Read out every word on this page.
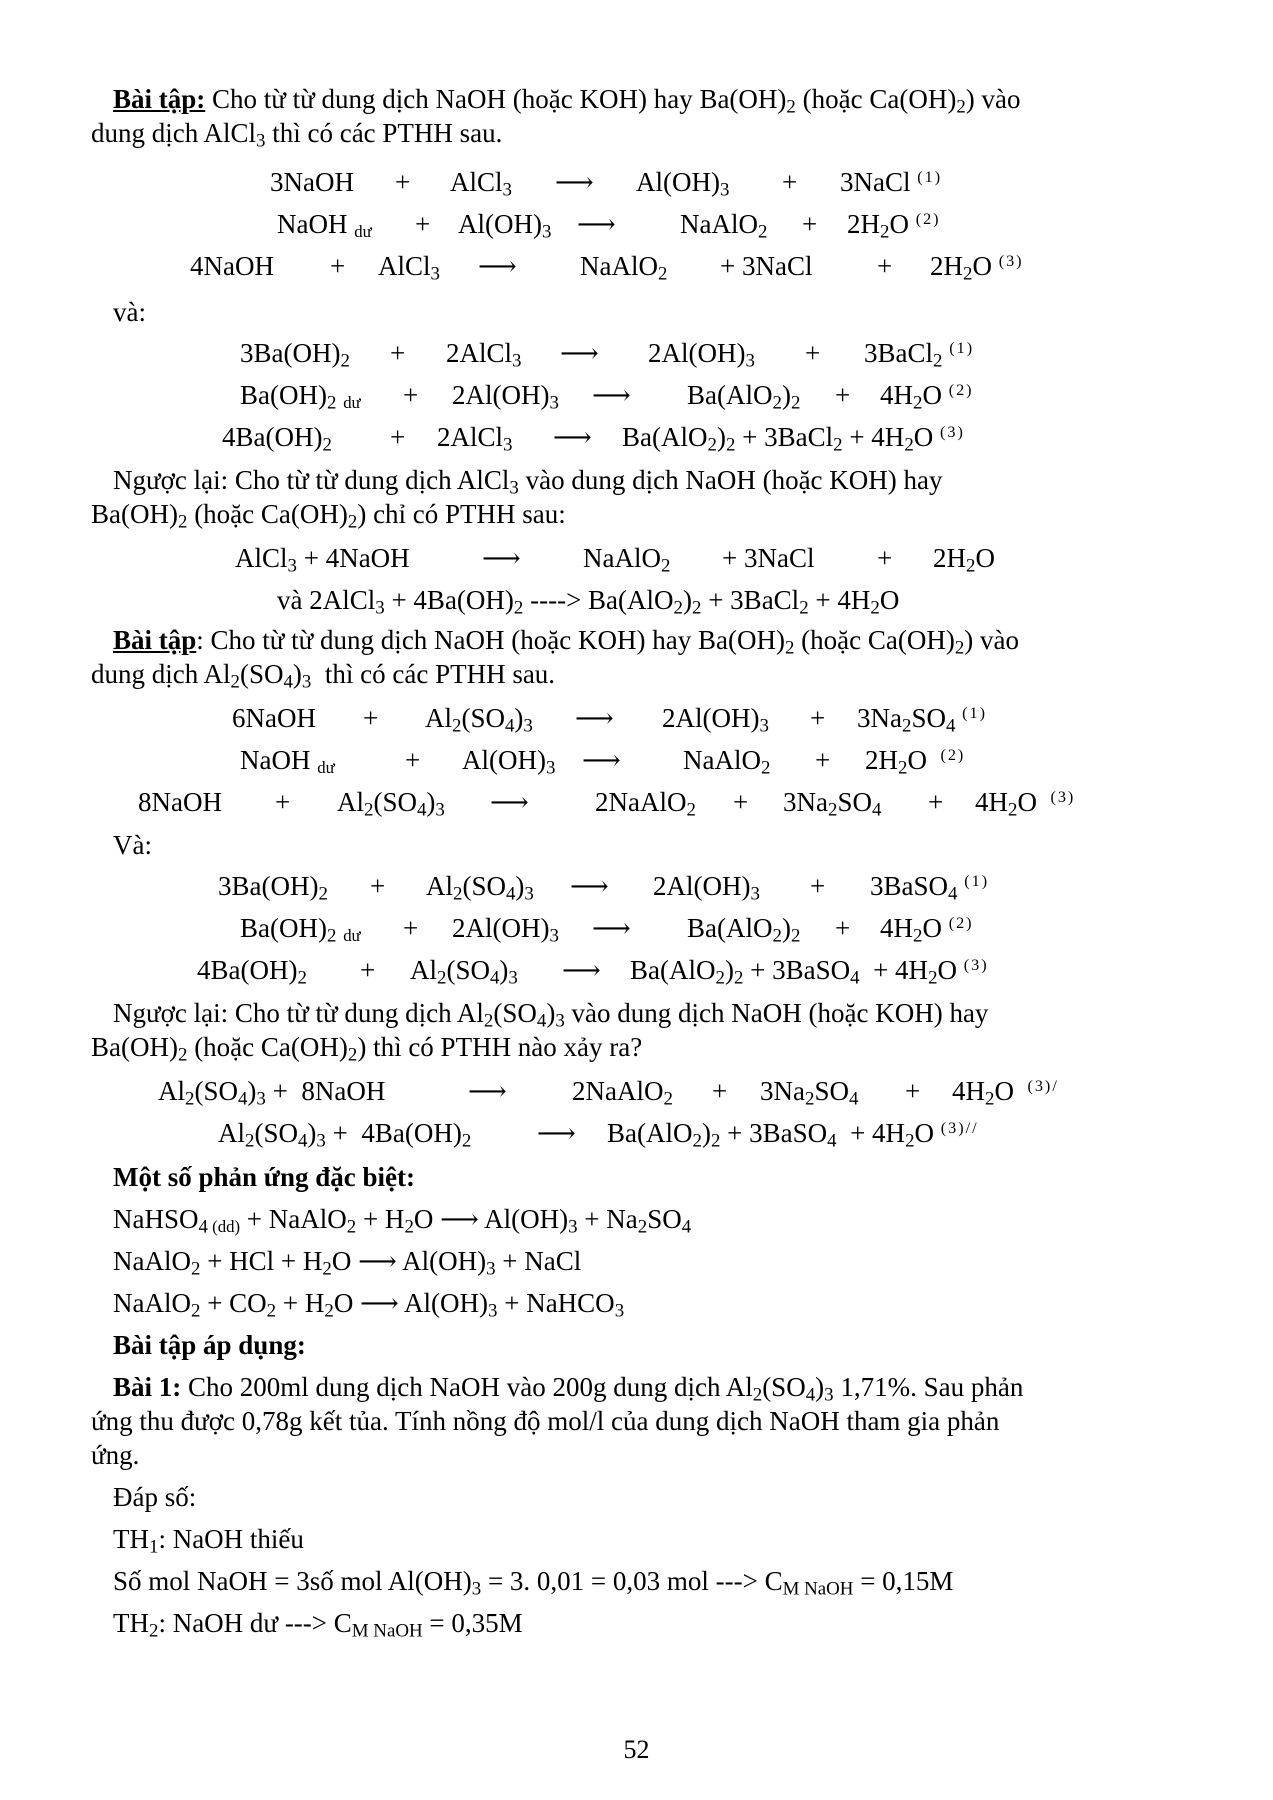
Bài tập: Cho từ từ dung dịch NaOH (hoặc KOH) hay $Ba(OH)_2$ (hoặc $Ca(OH)_2$) vào
dung dịch AlCl$_3$ thì có các PTHH sau.
3NaOH + AlCl$_3$ ⟶ $Al(OH)_3$ + 3NaCl $^{(1)}$
NaOH dư + $Al(OH)_3$ ⟶ NaAlO$_2$ + $2H_2O$ $^{(2)}$
4NaOH + AlCl$_3$ ⟶ NaAlO$_2$ + 3NaCl + $2H_2O$ $^{(3)}$
và:
$3Ba(OH)_2$ + 2AlCl$_3$ ⟶ $2Al(OH)_3$ + 3BaCl$_2$ $^{(1)}$
$Ba(OH)_2$ dư + $2Al(OH)_3$ ⟶ $Ba(AlO_2)_2 + 4H_2O$ $^{(2)}$
$4Ba(OH)_2$ + 2AlCl$_3$ ⟶ $Ba(AlO_2)_2$ + 3BaCl$_2$ + $4H_2O$ $^{(3)}$
Ngược lại: Cho từ từ dung dịch AlCl$_3$ vào dung dịch NaOH (hoặc KOH) hay
$Ba(OH)_2$ (hoặc $Ca(OH)_2$) chỉ có PTHH sau:
AlCl$_3$ + 4NaOH	⟶ NaAlO$_2$ + 3NaCl + $2H_2O$
và 2AlCl$_3$ + $4Ba(OH)_2$ ----> $Ba(AlO_2)_2$ + 3BaCl$_2$ + $4H_2O$
Bài tập: Cho từ từ dung dịch NaOH (hoặc KOH) hay $Ba(OH)_2$ (hoặc $Ca(OH)_2$) vào
dung dịch $Al_2(SO_4)_3$  thì có các PTHH sau.
6NaOH + $Al_2(SO_4)_3$ ⟶ $2Al(OH)_3 + 3Na_2SO_4$ $^{(1)}$
NaOH dư	+ $Al(OH)_3$ ⟶ NaAlO$_2$ + $2H_2O$  $^{(2)}$
8NaOH + $Al_2(SO_4)_3$ ⟶ 2NaAlO$_2$ + $3Na_2SO_4 + 4H_2O$  $^{(3)}$
Và:
$3Ba(OH)_2 + Al_2(SO_4)_3$ ⟶ $2Al(OH)_3$ + 3BaSO$_4$ $^{(1)}$
$Ba(OH)_2$ dư + $2Al(OH)_3$ ⟶ $Ba(AlO_2)_2 + 4H_2O$ $^{(2)}$
$4Ba(OH)_2 + Al_2(SO_4)_3$ ⟶ $Ba(AlO_2)_2$ + 3BaSO$_4$  + $4H_2O$ $^{(3)}$
Ngược lại: Cho từ từ dung dịch $Al_2(SO_4)_3$ vào dung dịch NaOH (hoặc KOH) hay
$Ba(OH)_2$ (hoặc $Ca(OH)_2$) thì có PTHH nào xảy ra?
$Al_2(SO_4)_3$ +  8NaOH	⟶ 2NaAlO$_2$ + $3Na_2SO_4 + 4H_2O$  $^{(3)/}$
$Al_2(SO_4)_3 + 4Ba(OH)_2$ ⟶ $Ba(AlO_2)_2$ + 3BaSO$_4$  + $4H_2O$ $^{(3)//}$
Một số phản ứng đặc biệt:
NaHSO$_4$ (dd) + NaAlO$_2$ + $H_2O$ ⟶ $Al(OH)_3 + Na_2SO_4$
NaAlO$_2$ + HCl + $H_2O$ ⟶ $Al(OH)_3$ + NaCl
NaAlO$_2$ + $CO_2 + H_2O$ ⟶ $Al(OH)_3$ + NaHCO$_3$
Bài tập áp dụng:
Bài 1: Cho 200ml dung dịch NaOH vào 200g dung dịch $Al_2(SO_4)_3$ 1,71%. Sau phản
ứng thu được 0,78g kết tủa. Tính nồng độ mol/l của dung dịch NaOH tham gia phản
ứng.
Đáp số:
$TH_1$: NaOH thiếu
Số mol NaOH = 3số mol $Al(OH)_3 = 3$. 0,01 = 0,03 mol ---> $C_{M NaOH} = 0,15M$
$TH_2$: NaOH dư ---> $C_{M NaOH} = 0,35M$
52
